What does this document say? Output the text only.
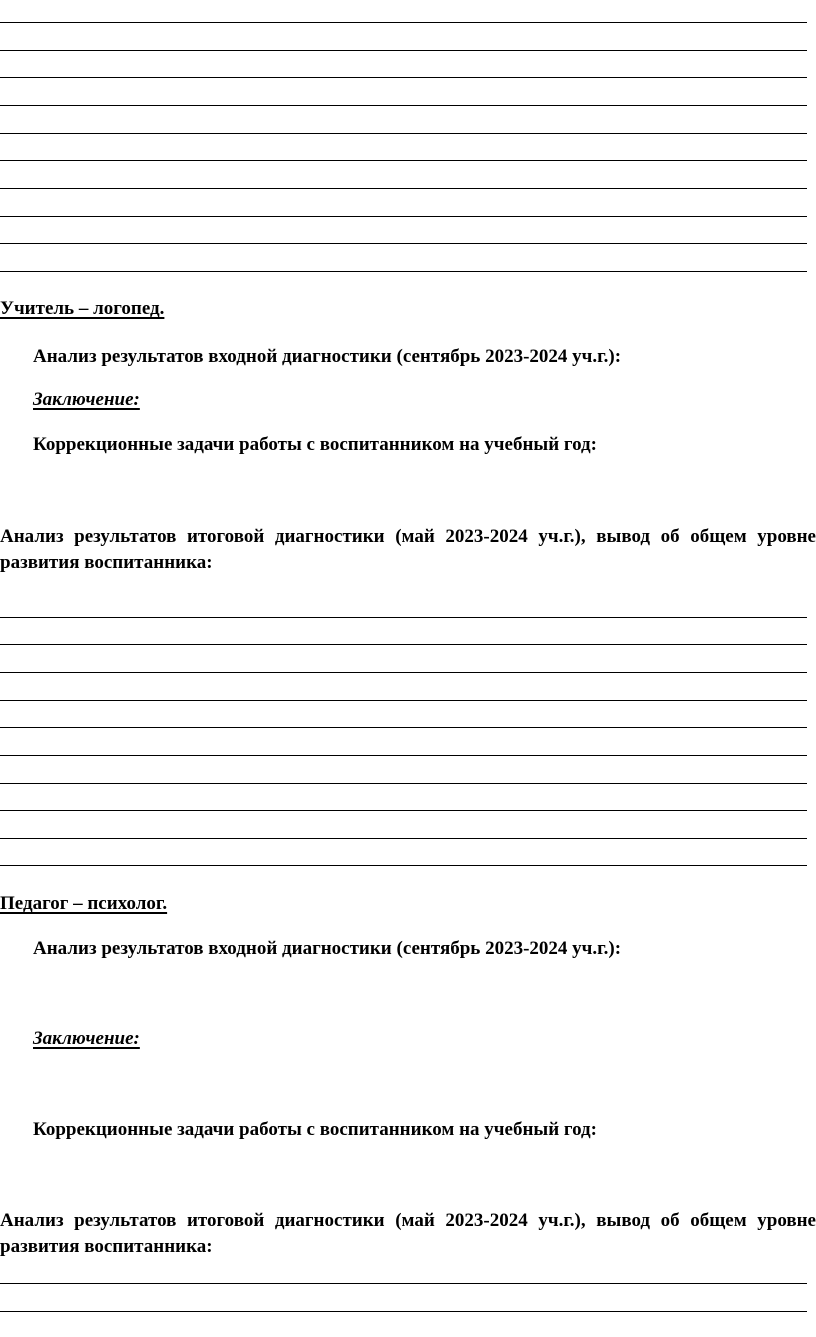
Учитель – логопед.
Анализ результатов входной диагностики (сентябрь 2023-2024 уч.г.):
Заключение:
Коррекционные задачи работы с воспитанником на учебный год:
Анализ результатов итоговой диагностики (май 2023-2024 уч.г.), вывод об общем уровне развития воспитанника:
Педагог – психолог.
Анализ результатов входной диагностики (сентябрь 2023-2024 уч.г.):
Заключение:
Коррекционные задачи работы с воспитанником на учебный год:
Анализ результатов итоговой диагностики (май 2023-2024 уч.г.), вывод об общем уровне развития воспитанника:
